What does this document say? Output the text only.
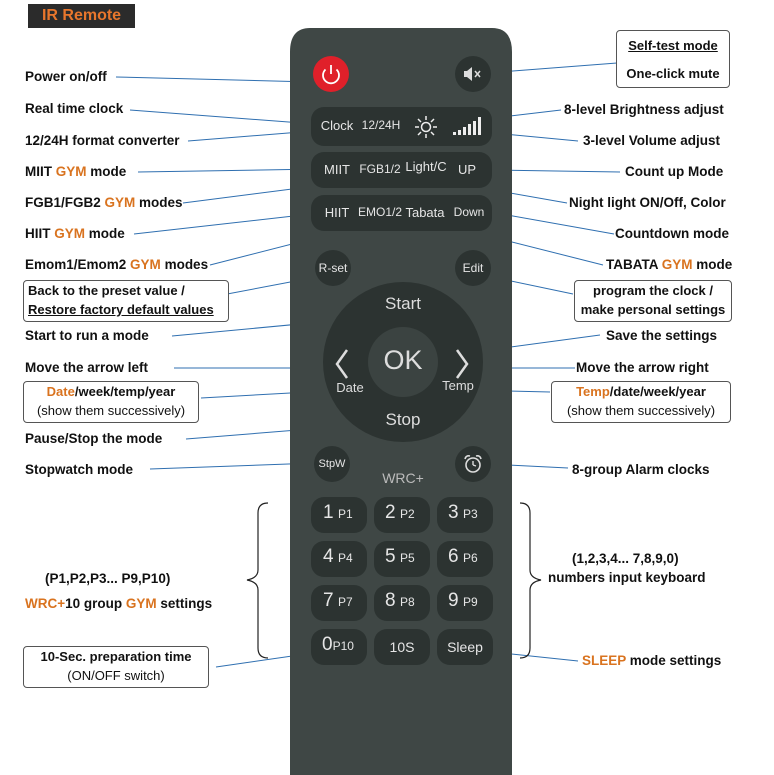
IR Remote
Clock 12/24H
MIIT FGB1/2 Light/C UP
HIIT EMO1/2 Tabata Down
R-set	Edit
Start
OK
Stop
Date	Temp
StpW
WRC+
1 P1 2 P2 3 P3
4 P4 5 P5 6 P6
7 P7 8 P8 9 P9
0P10	10S Sleep
Power on/off
Real time clock
12/24H format converter
MIIT GYM mode
FGB1/FGB2 GYM modes
HIIT GYM mode
Emom1/Emom2 GYM modes
Back to the preset value /
Restore factory default values
Start to run a mode
Move the arrow left
Date/week/temp/year
(show them successively)
Pause/Stop the mode
Stopwatch mode
(P1,P2,P3... P9,P10)
WRC+10 group GYM settings
10-Sec. preparation time
(ON/OFF switch)
Self-test mode
One-click mute
8-level Brightness adjust
3-level Volume adjust
Count up Mode
Night light ON/Off, Color
Countdown mode
TABATA GYM mode
program the clock /
make personal settings
Save the settings
Move the arrow right
Temp/date/week/year
(show them successively)
8-group Alarm clocks
(1,2,3,4... 7,8,9,0)
numbers input keyboard
SLEEP mode settings
